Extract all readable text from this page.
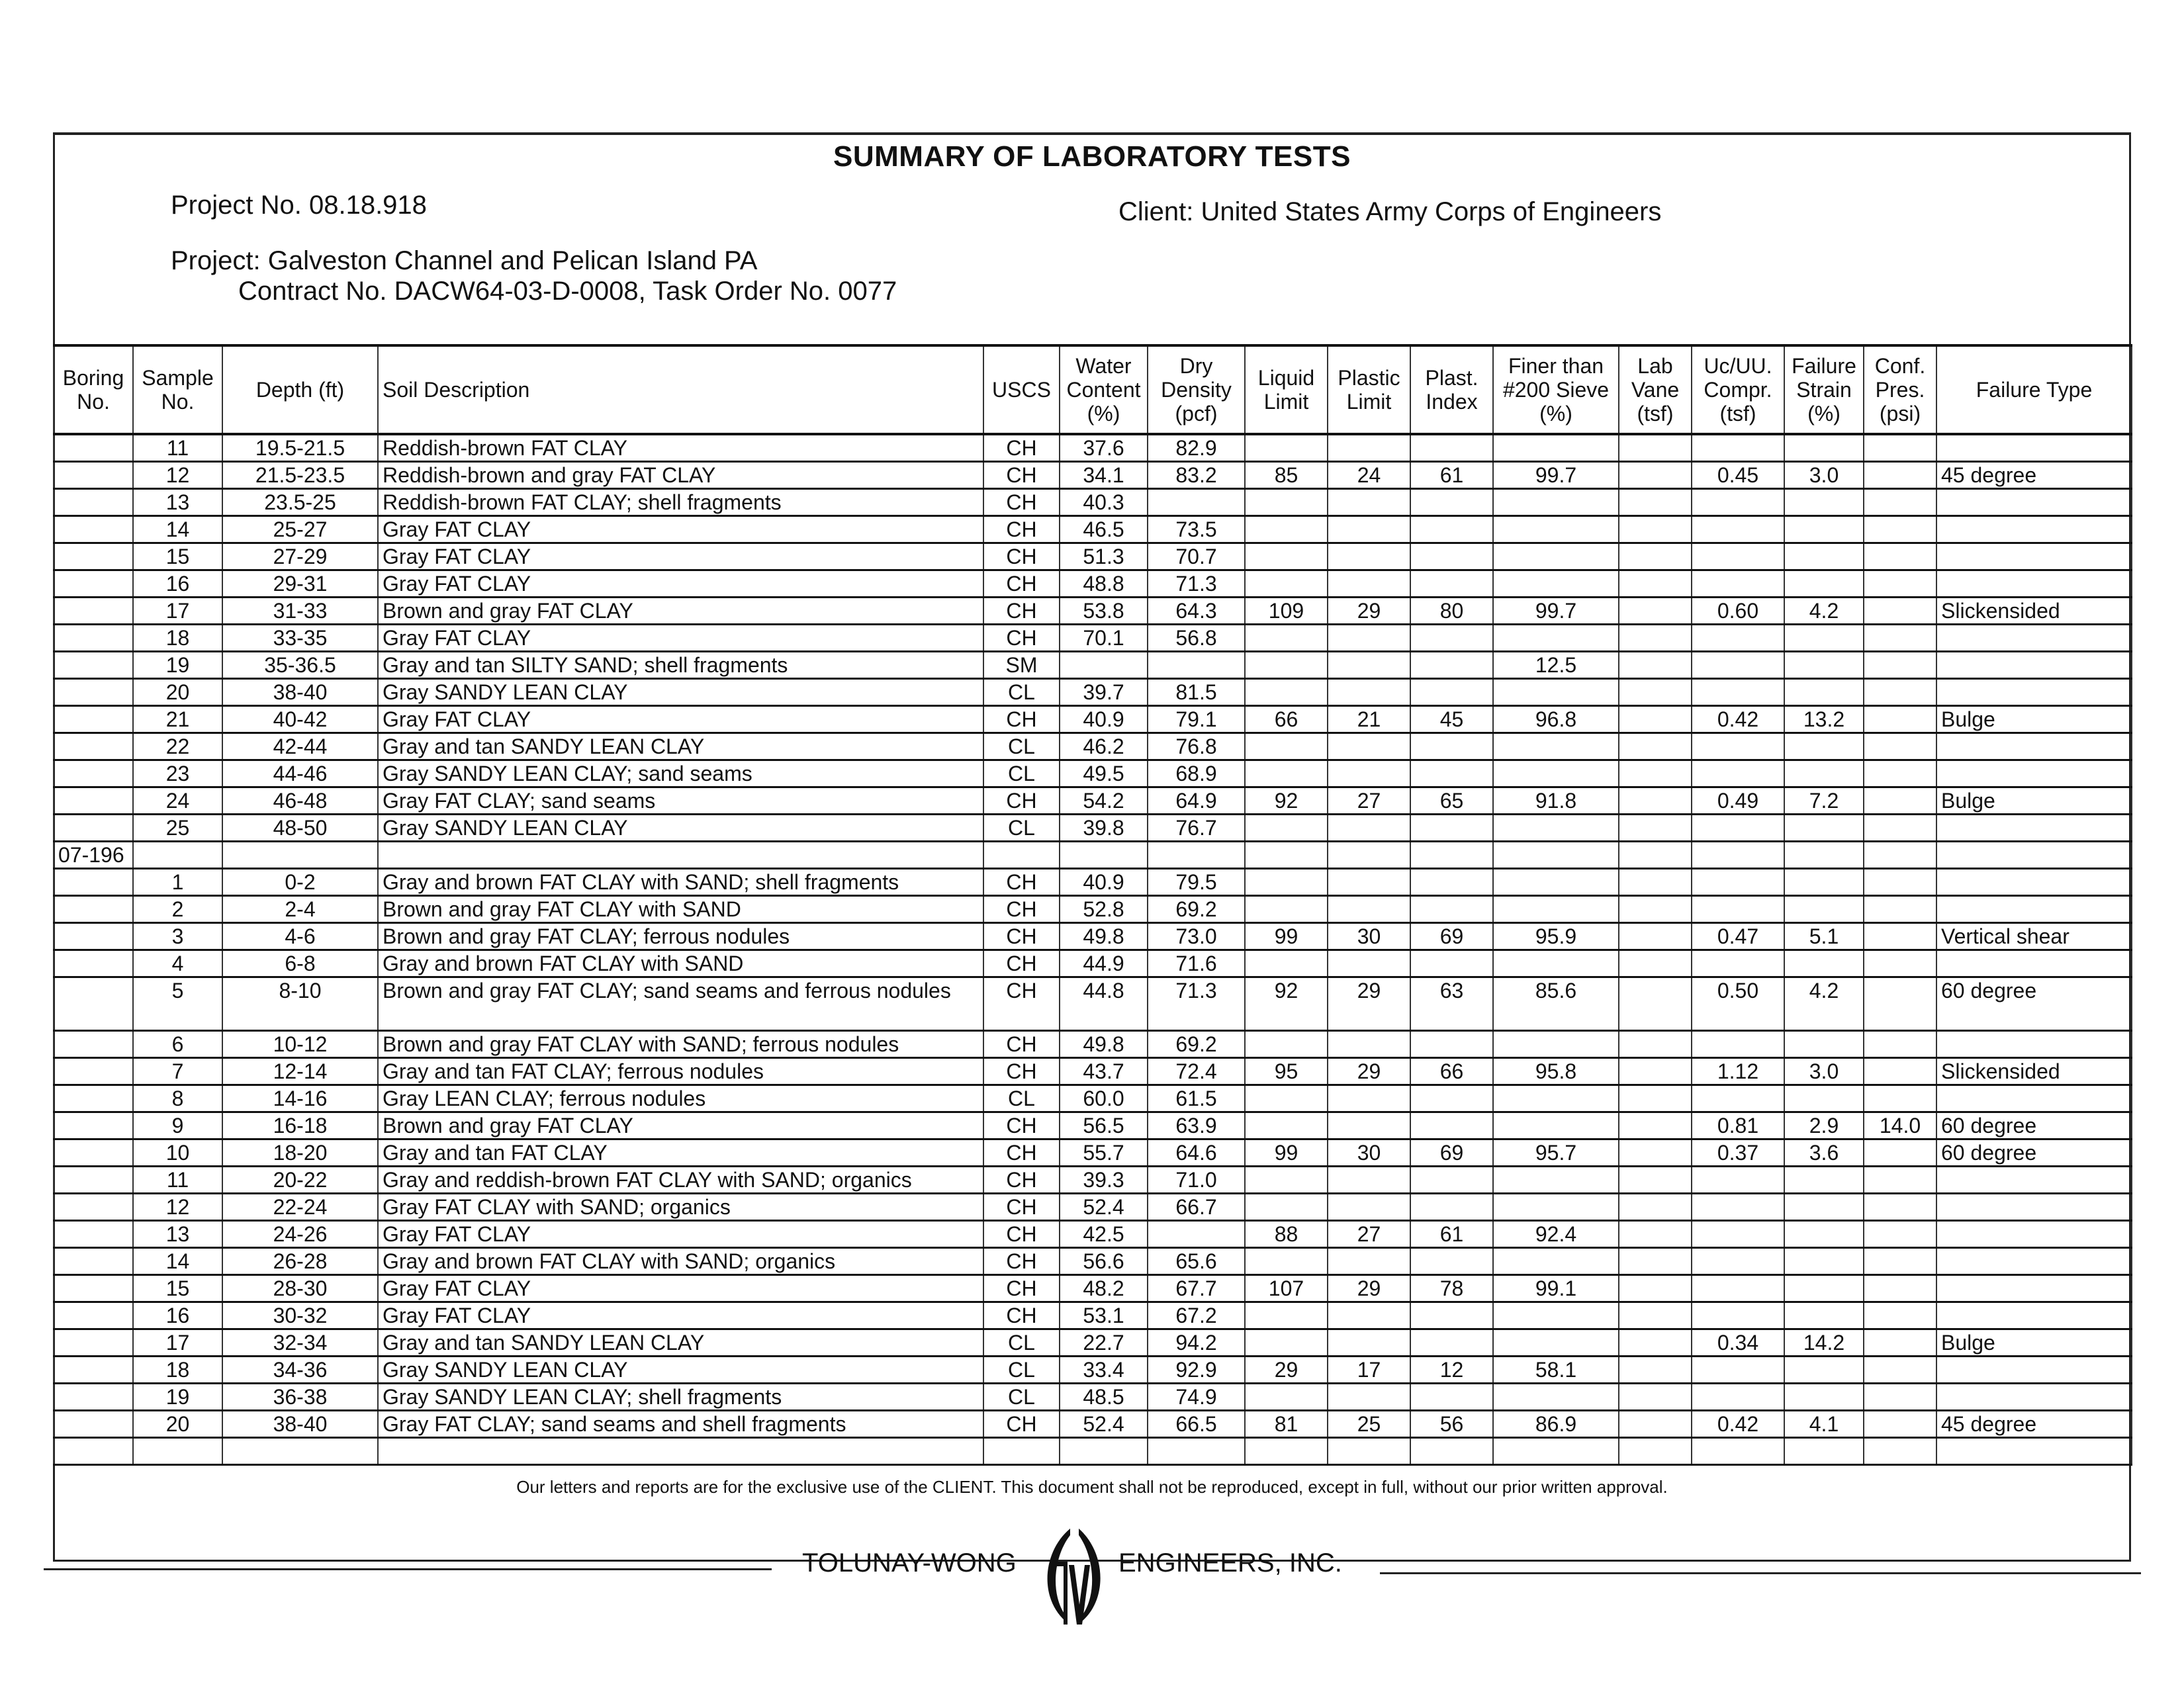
SUMMARY OF LABORATORY TESTS
Project No. 08.18.918	Client: United States Army Corps of Engineers
Project: Galveston Channel and Pelican Island PA
Contract No. DACW64-03-D-0008, Task Order No. 0077
Boring No.	Sample No.	Depth (ft)	Soil Description	USCS	Water Content (%)	Dry Density (pcf)	Liquid Limit	Plastic Limit	Plast. Index	Finer than #200 Sieve (%)	Lab Vane (tsf)	Uc/UU. Compr. (tsf)	Failure Strain (%)	Conf. Pres. (psi)	Failure Type
	11	19.5-21.5	Reddish-brown FAT CLAY	CH	37.6	82.9									
	12	21.5-23.5	Reddish-brown and gray FAT CLAY	CH	34.1	83.2	85	24	61	99.7		0.45	3.0		45 degree
	13	23.5-25	Reddish-brown FAT CLAY; shell fragments	CH	40.3										
	14	25-27	Gray FAT CLAY	CH	46.5	73.5									
	15	27-29	Gray FAT CLAY	CH	51.3	70.7									
	16	29-31	Gray FAT CLAY	CH	48.8	71.3									
	17	31-33	Brown and gray FAT CLAY	CH	53.8	64.3	109	29	80	99.7		0.60	4.2		Slickensided
	18	33-35	Gray FAT CLAY	CH	70.1	56.8									
	19	35-36.5	Gray and tan SILTY SAND; shell fragments	SM						12.5					
	20	38-40	Gray SANDY LEAN CLAY	CL	39.7	81.5									
	21	40-42	Gray FAT CLAY	CH	40.9	79.1	66	21	45	96.8		0.42	13.2		Bulge
	22	42-44	Gray and tan SANDY LEAN CLAY	CL	46.2	76.8									
	23	44-46	Gray SANDY LEAN CLAY; sand seams	CL	49.5	68.9									
	24	46-48	Gray FAT CLAY; sand seams	CH	54.2	64.9	92	27	65	91.8		0.49	7.2		Bulge
	25	48-50	Gray SANDY LEAN CLAY	CL	39.8	76.7									
07-196															
	1	0-2	Gray and brown FAT CLAY with SAND; shell fragments	CH	40.9	79.5									
	2	2-4	Brown and gray FAT CLAY with SAND	CH	52.8	69.2									
	3	4-6	Brown and gray FAT CLAY; ferrous nodules	CH	49.8	73.0	99	30	69	95.9		0.47	5.1		Vertical shear
	4	6-8	Gray and brown FAT CLAY with SAND	CH	44.9	71.6									
	5	8-10	Brown and gray FAT CLAY; sand seams and ferrous nodules	CH	44.8	71.3	92	29	63	85.6		0.50	4.2		60 degree
	6	10-12	Brown and gray FAT CLAY with SAND; ferrous nodules	CH	49.8	69.2									
	7	12-14	Gray and tan FAT CLAY; ferrous nodules	CH	43.7	72.4	95	29	66	95.8		1.12	3.0		Slickensided
	8	14-16	Gray LEAN CLAY; ferrous nodules	CL	60.0	61.5									
	9	16-18	Brown and gray FAT CLAY	CH	56.5	63.9						0.81	2.9	14.0	60 degree
	10	18-20	Gray and tan FAT CLAY	CH	55.7	64.6	99	30	69	95.7		0.37	3.6		60 degree
	11	20-22	Gray and reddish-brown FAT CLAY with SAND; organics	CH	39.3	71.0									
	12	22-24	Gray FAT CLAY with SAND; organics	CH	52.4	66.7									
	13	24-26	Gray FAT CLAY	CH	42.5		88	27	61	92.4					
	14	26-28	Gray and brown FAT CLAY with SAND; organics	CH	56.6	65.6									
	15	28-30	Gray FAT CLAY	CH	48.2	67.7	107	29	78	99.1					
	16	30-32	Gray FAT CLAY	CH	53.1	67.2									
	17	32-34	Gray and tan SANDY LEAN CLAY	CL	22.7	94.2						0.34	14.2		Bulge
	18	34-36	Gray SANDY LEAN CLAY	CL	33.4	92.9	29	17	12	58.1					
	19	36-38	Gray SANDY LEAN CLAY; shell fragments	CL	48.5	74.9									
	20	38-40	Gray FAT CLAY; sand seams and shell fragments	CH	52.4	66.5	81	25	56	86.9		0.42	4.1		45 degree

Our letters and reports are for the exclusive use of the CLIENT. This document shall not be reproduced, except in full, without our prior written approval.
TOLUNAY-WONG	ENGINEERS, INC.
